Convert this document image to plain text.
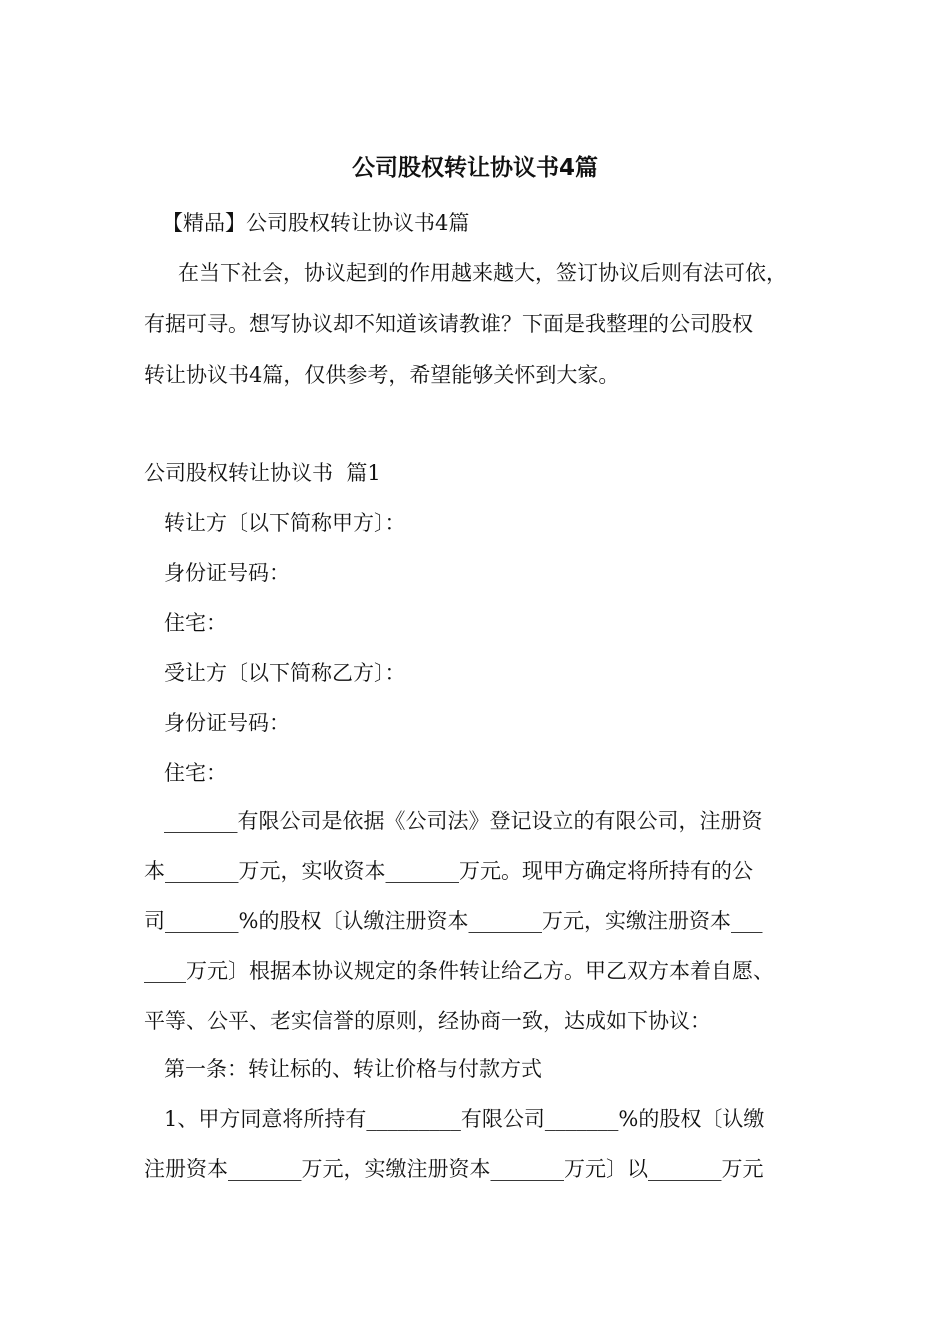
公司股权转让协议书4篇
【精品】公司股权转让协议书4篇
在当下社会，协议起到的作用越来越大，签订协议后则有法可依，
有据可寻。想写协议却不知道该请教谁？下面是我整理的公司股权
转让协议书4篇，仅供参考，希望能够关怀到大家。
公司股权转让协议书  篇1
转让方〔以下简称甲方〕：
身份证号码：
住宅：
受让方〔以下简称乙方〕：
身份证号码：
住宅：
_______有限公司是依据《公司法》登记设立的有限公司，注册资
本_______万元，实收资本_______万元。现甲方确定将所持有的公
司_______%的股权〔认缴注册资本_______万元，实缴注册资本___
____万元〕根据本协议规定的条件转让给乙方。甲乙双方本着自愿、
平等、公平、老实信誉的原则，经协商一致，达成如下协议：
第一条：转让标的、转让价格与付款方式
1、甲方同意将所持有_________有限公司_______%的股权〔认缴
注册资本_______万元，实缴注册资本_______万元〕以_______万元
